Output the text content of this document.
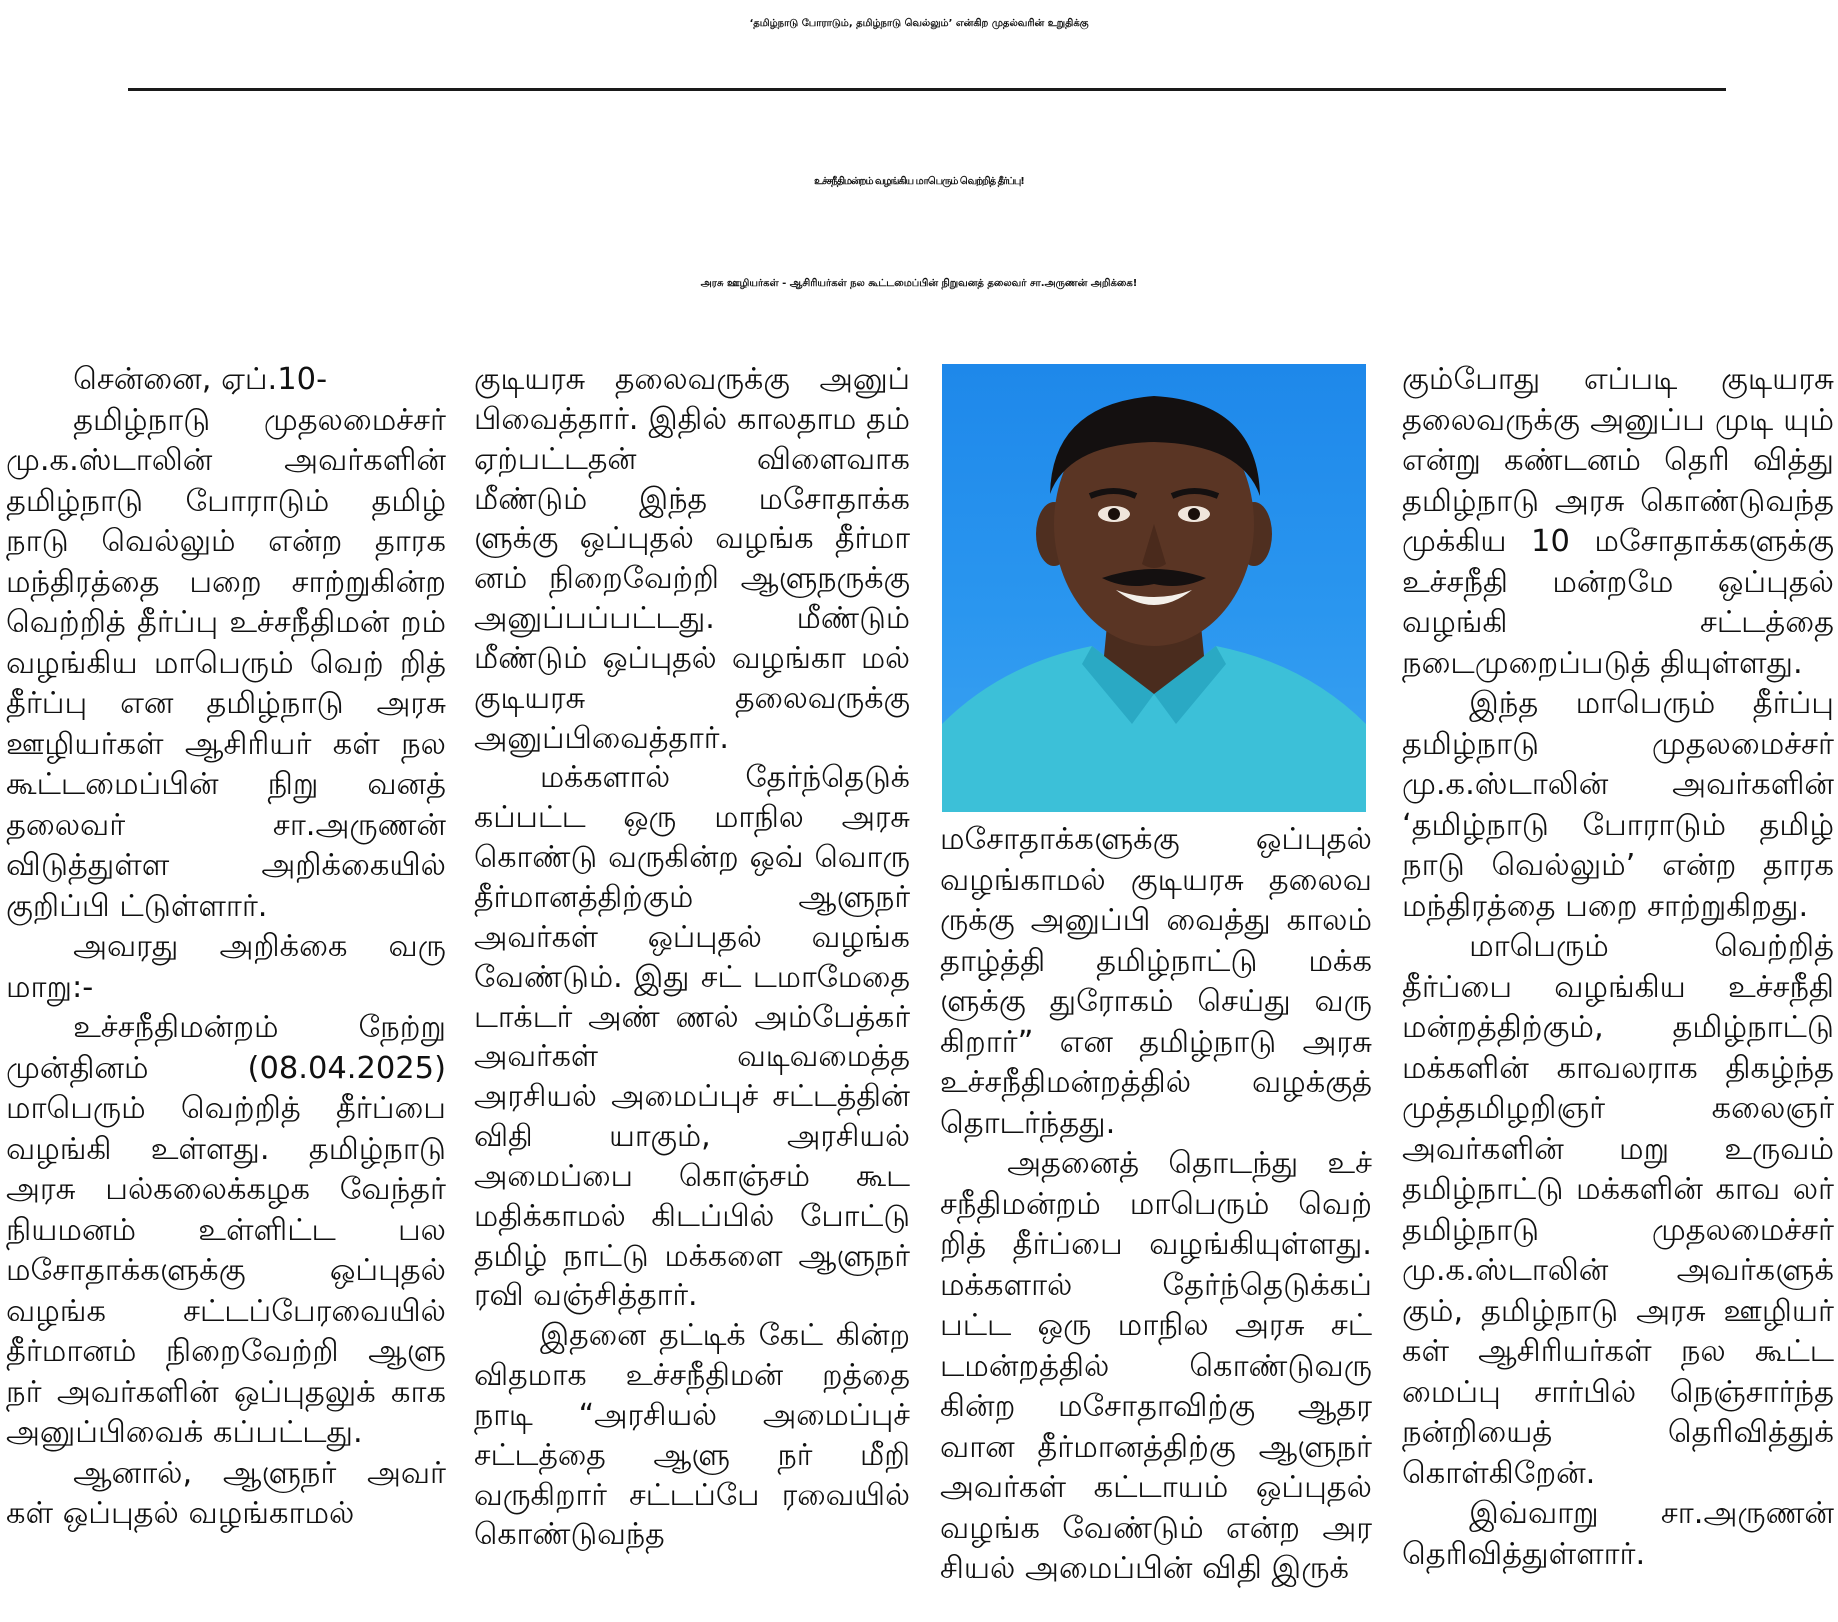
‘தமிழ்நாடு போராடும், தமிழ்நாடு வெல்லும்’ என்கிற முதல்வரின் உறுதிக்கு
உச்சநீதிமன்றம் வழங்கிய மாபெரும் வெற்றித் தீர்ப்பு!
அரசு ஊழியர்கள் - ஆசிரியர்கள் நல கூட்டமைப்பின் நிறுவனத் தலைவர் சா.அருணன் அறிக்கை!

சென்னை, ஏப்.10-

தமிழ்நாடு முதலமைச்சர் மு.க.ஸ்டாலின் அவர்களின் தமிழ்நாடு போராடும் தமிழ் நாடு வெல்லும் என்ற தாரக மந்திரத்தை பறை சாற்றுகின்ற வெற்றித் தீர்ப்பு உச்சநீதிமன் றம் வழங்கிய மாபெரும் வெற் றித் தீர்ப்பு என தமிழ்நாடு அரசு ஊழியர்கள் ஆசிரியர் கள் நல கூட்டமைப்பின் நிறு வனத் தலைவர் சா.அருணன் விடுத்துள்ள அறிக்கையில் குறிப்பி ட்டுள்ளார்.

அவரது அறிக்கை வரு மாறு:-

உச்சநீதிமன்றம் நேற்று முன்தினம் (08.04.2025) மாபெரும் வெற்றித் தீர்ப்பை வழங்கி உள்ளது. தமிழ்நாடு அரசு பல்கலைக்கழக வேந்தர் நியமனம் உள்ளிட்ட பல மசோதாக்களுக்கு ஒப்புதல் வழங்க சட்டப்பேரவையில் தீர்மானம் நிறைவேற்றி ஆளு நர் அவர்களின் ஒப்புதலுக் காக அனுப்பிவைக் கப்பட்டது.

ஆனால், ஆளுநர் அவர் கள் ஒப்புதல் வழங்காமல்

குடியரசு தலைவருக்கு அனுப் பிவைத்தார். இதில் காலதாம தம் ஏற்பட்டதன் விளைவாக மீண்டும் இந்த மசோதாக்க ளுக்கு ஒப்புதல் வழங்க தீர்மா னம் நிறைவேற்றி ஆளுநருக்கு அனுப்பப்பட்டது. மீண்டும் மீண்டும் ஒப்புதல் வழங்கா மல் குடியரசு தலைவருக்கு அனுப்பிவைத்தார்.

மக்களால் தேர்ந்தெடுக் கப்பட்ட ஒரு மாநில அரசு கொண்டு வருகின்ற ஒவ் வொரு தீர்மானத்திற்கும் ஆளுநர் அவர்கள் ஒப்புதல் வழங்க வேண்டும். இது சட் டமாமேதை டாக்டர் அண் ணல் அம்பேத்கர் அவர்கள் வடிவமைத்த அரசியல் அமைப்புச் சட்டத்தின் விதி யாகும், அரசியல் அமைப்பை கொஞ்சம் கூட மதிக்காமல் கிடப்பில் போட்டு தமிழ் நாட்டு மக்களை ஆளுநர் ரவி வஞ்சித்தார்.

இதனை தட்டிக் கேட் கின்ற விதமாக உச்சநீதிமன் றத்தை நாடி “அரசியல் அமைப்புச் சட்டத்தை ஆளு நர் மீறி வருகிறார் சட்டப்பே ரவையில் கொண்டுவந்த

மசோதாக்களுக்கு ஒப்புதல் வழங்காமல் குடியரசு தலைவ ருக்கு அனுப்பி வைத்து காலம் தாழ்த்தி தமிழ்நாட்டு மக்க ளுக்கு துரோகம் செய்து வரு கிறார்” என தமிழ்நாடு அரசு உச்சநீதிமன்றத்தில் வழக்குத் தொடர்ந்தது.

அதனைத் தொடந்து உச் சநீதிமன்றம் மாபெரும் வெற் றித் தீர்ப்பை வழங்கியுள்ளது. மக்களால் தேர்ந்தெடுக்கப் பட்ட ஒரு மாநில அரசு சட் டமன்றத்தில் கொண்டுவரு கின்ற மசோதாவிற்கு ஆதர வான தீர்மானத்திற்கு ஆளுநர் அவர்கள் கட்டாயம் ஒப்புதல் வழங்க வேண்டும் என்ற அர சியல் அமைப்பின் விதி இருக்

கும்போது எப்படி குடியரசு தலைவருக்கு அனுப்ப முடி யும் என்று கண்டனம் தெரி வித்து தமிழ்நாடு அரசு கொண்டுவந்த முக்கிய 10 மசோதாக்களுக்கு உச்சநீதி மன்றமே ஒப்புதல் வழங்கி சட்டத்தை நடைமுறைப்படுத் தியுள்ளது.

இந்த மாபெரும் தீர்ப்பு தமிழ்நாடு முதலமைச்சர் மு.க.ஸ்டாலின் அவர்களின் ‘தமிழ்நாடு போராடும் தமிழ் நாடு வெல்லும்’ என்ற தாரக மந்திரத்தை பறை சாற்றுகிறது.

மாபெரும் வெற்றித் தீர்ப்பை வழங்கிய உச்சநீதி மன்றத்திற்கும், தமிழ்நாட்டு மக்களின் காவலராக திகழ்ந்த முத்தமிழறிஞர் கலைஞர் அவர்களின் மறு உருவம் தமிழ்நாட்டு மக்களின் காவ லர் தமிழ்நாடு முதலமைச்சர் மு.க.ஸ்டாலின் அவர்களுக் கும், தமிழ்நாடு அரசு ஊழியர் கள் ஆசிரியர்கள் நல கூட்ட மைப்பு சார்பில் நெஞ்சார்ந்த நன்றியைத் தெரிவித்துக் கொள்கிறேன்.

இவ்வாறு சா.அருணன் தெரிவித்துள்ளார்.
